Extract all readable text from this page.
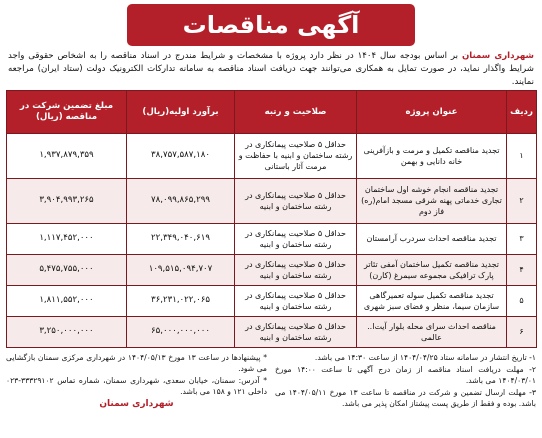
آگهی مناقصات
شهرداری سمنان بر اساس بودجه سال ۱۴۰۴ در نظر دارد پروژه با مشخصات و شرایط مندرج در اسناد مناقصه را به اشخاص حقوقی واجد شرایط واگذار نماید، در صورت تمایل به همکاری می‌توانند جهت دریافت اسناد مناقصه به سامانه تدارکات الکترونیک دولت (ستاد ایران) مراجعه نمایند.
ردیف	عنوان پروژه	صلاحیت و رتبه	برآورد اولیه(ریال)	مبلغ تضمین شرکت در مناقصه (ریال)
۱	تجدید مناقصه تکمیل و مرمت و بازآفرینی خانه دانایی و بهمن	حداقل ۵ صلاحیت پیمانکاری در رشته ساختمان و ابنیه با حفاظت و مرمت آثار باستانی	۳۸,۷۵۷,۵۸۷,۱۸۰	۱,۹۳۷,۸۷۹,۳۵۹
۲	تجدید مناقصه انجام خوشه اول ساختمان تجاری خدماتی پهنه شرقی مسجد امام(ره) فاز دوم	حداقل ۵ صلاحیت پیمانکاری در رشته ساختمان و ابنیه	۷۸,۰۹۹,۸۶۵,۲۹۹	۳,۹۰۴,۹۹۳,۲۶۵
۳	تجدید مناقصه احداث سردرب آرامستان	حداقل ۵ صلاحیت پیمانکاری در رشته ساختمان و ابنیه	۲۲,۳۴۹,۰۴۰,۶۱۹	۱,۱۱۷,۴۵۲,۰۰۰
۴	تجدید مناقصه تکمیل ساختمان آمفی تئاتر پارک ترافیکی مجموعه سیمرغ (کارن)	حداقل ۵ صلاحیت پیمانکاری در رشته ساختمان و ابنیه	۱۰۹,۵۱۵,۰۹۴,۷۰۷	۵,۴۷۵,۷۵۵,۰۰۰
۵	تجدید مناقصه تکمیل سوله تعمیرگاهی سازمان سیما، منظر و فضای سبز شهری	حداقل ۵ صلاحیت پیمانکاری در رشته ساختمان و ابنیه	۳۶,۲۳۱,۰۲۲,۰۶۵	۱,۸۱۱,۵۵۲,۰۰۰
۶	مناقصه احداث سرای محله بلوار آیت‌ا.. عالمی	حداقل ۵ صلاحیت پیمانکاری در رشته ساختمان و ابنیه	۶۵,۰۰۰,۰۰۰,۰۰۰	۳,۲۵۰,۰۰۰,۰۰۰

۱- تاریخ انتشار در سامانه ستاد ۱۴۰۴/۰۴/۲۵ از ساعت ۱۴:۳۰ می باشد.

۲- مهلت دریافت اسناد مناقصه از زمان درج آگهی تا ساعت ۱۴:۰۰ مورخ ۱۴۰۴/۰۳/۰۱ می باشد.

۳- مهلت ارسال تضمین و شرکت در مناقصه تا ساعت ۱۳ مورخ ۱۴۰۴/۰۵/۱۱ می باشد. بوده و فقط از طریق پست پیشتاز امکان پذیر می باشد.

* پیشنهادها در ساعت ۱۳ مورخ ۱۴۰۴/۰۵/۱۳ در شهرداری مرکزی سمنان بازگشایی می شود.

* آدرس: سمنان، خیابان سعدی، شهرداری سمنان، شماره تماس ۳۳۳۲۹۱۰۲-۰۲۳ داخلی ۱۲۱ و ۱۵۸ می باشد.

شهرداری سمنان
